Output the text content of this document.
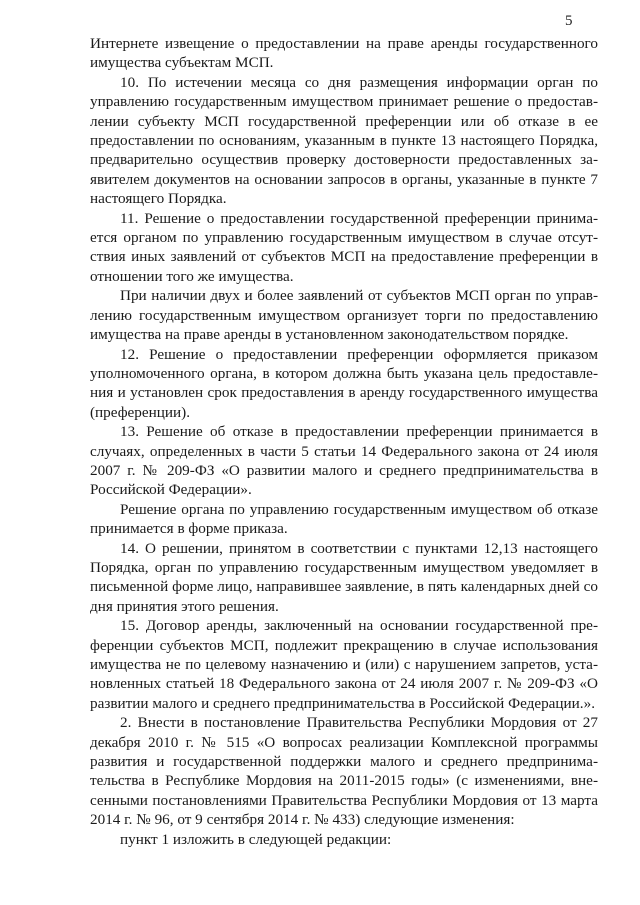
5

Интернете извещение о предоставлении на праве аренды государственного имущества субъектам МСП.

10. По истечении месяца со дня размещения информации орган по управлению государственным имуществом принимает решение о предоставлении субъекту МСП государственной преференции или об отказе в ее предоставлении по основаниям, указанным в пункте 13 настоящего Порядка, предварительно осуществив проверку достоверности предоставленных заявителем документов на основании запросов в органы, указанные в пункте 7 настоящего Порядка.

11. Решение о предоставлении государственной преференции принимается органом по управлению государственным имуществом в случае отсутствия иных заявлений от субъектов МСП на предоставление преференции в отношении того же имущества.

При наличии двух и более заявлений от субъектов МСП орган по управлению государственным имуществом организует торги по предоставлению имущества на праве аренды в установленном законодательством порядке.

12. Решение о предоставлении преференции оформляется приказом уполномоченного органа, в котором должна быть указана цель предоставления и установлен срок предоставления в аренду государственного имущества (преференции).

13. Решение об отказе в предоставлении преференции принимается в случаях, определенных в части 5 статьи 14 Федерального закона от 24 июля 2007 г. № 209-ФЗ «О развитии малого и среднего предпринимательства в Российской Федерации».

Решение органа по управлению государственным имуществом об отказе принимается в форме приказа.

14. О решении, принятом в соответствии с пунктами 12,13 настоящего Порядка, орган по управлению государственным имуществом уведомляет в письменной форме лицо, направившее заявление, в пять календарных дней со дня принятия этого решения.

15. Договор аренды, заключенный на основании государственной преференции субъектов МСП, подлежит прекращению в случае использования имущества не по целевому назначению и (или) с нарушением запретов, установленных статьей 18 Федерального закона от 24 июля 2007 г. № 209-ФЗ «О развитии малого и среднего предпринимательства в Российской Федерации.».

2. Внести в постановление Правительства Республики Мордовия от 27 декабря 2010 г. № 515 «О вопросах реализации Комплексной программы развития и государственной поддержки малого и среднего предпринимательства в Республике Мордовия на 2011-2015 годы» (с изменениями, внесенными постановлениями Правительства Республики Мордовия от 13 марта 2014 г. № 96, от 9 сентября 2014 г. № 433) следующие изменения:

пункт 1 изложить в следующей редакции:
